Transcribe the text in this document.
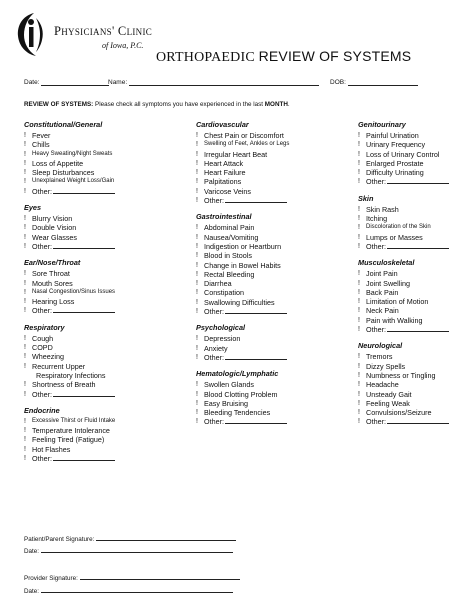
Physicians' Clinic
of Iowa, P.C.
ORTHOPAEDIC REVIEW OF SYSTEMS
Date:	Name:	DOB:
REVIEW OF SYSTEMS: Please check all symptoms you have experienced in the last MONTH.
Constitutional/General
! Fever
! Chills
! Heavy Sweating/Night Sweats
! Loss of Appetite
! Sleep Disturbances
! Unexplained Weight Loss/Gain
! Other:
Eyes
! Blurry Vision
! Double Vision
! Wear Glasses
! Other:
Ear/Nose/Throat
! Sore Throat
! Mouth Sores
! Nasal Congestion/Sinus Issues
! Hearing Loss
! Other:
Respiratory
! Cough
! COPD
! Wheezing
! Recurrent Upper
Respiratory Infections
! Shortness of Breath
! Other:
Endocrine
! Excessive Thirst or Fluid Intake
! Temperature Intolerance
! Feeling Tired (Fatigue)
! Hot Flashes
! Other:
Cardiovascular
! Chest Pain or Discomfort
! Swelling of Feet, Ankles or Legs
! Irregular Heart Beat
! Heart Attack
! Heart Failure
! Palpitations
! Varicose Veins
! Other:
Gastrointestinal
! Abdominal Pain
! Nausea/Vomiting
! Indigestion or Heartburn
! Blood in Stools
! Change in Bowel Habits
! Rectal Bleeding
! Diarrhea
! Constipation
! Swallowing Difficulties
! Other:
Psychological
! Depression
! Anxiety
! Other:
Hematologic/Lymphatic
! Swollen Glands
! Blood Clotting Problem
! Easy Bruising
! Bleeding Tendencies
! Other:
Genitourinary
! Painful Urination
! Urinary Frequency
! Loss of Urinary Control
! Enlarged Prostate
! Difficulty Urinating
! Other:
Skin
! Skin Rash
! Itching
! Discoloration of the Skin
! Lumps or Masses
! Other:
Musculoskeletal
! Joint Pain
! Joint Swelling
! Back Pain
! Limitation of Motion
! Neck Pain
! Pain with Walking
! Other:
Neurological
! Tremors
! Dizzy Spells
! Numbness or Tingling
! Headache
! Unsteady Gait
! Feeling Weak
! Convulsions/Seizure
! Other:
Patient/Parent Signature:
Date:
Provider Signature:
Date:
